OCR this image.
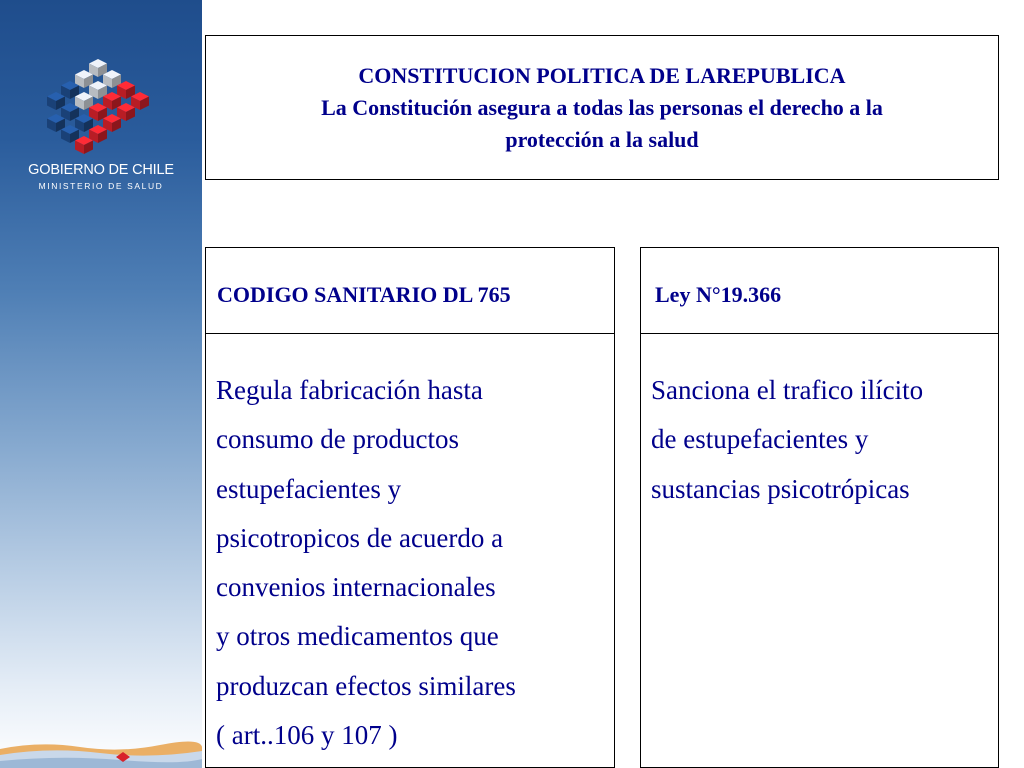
GOBIERNO DE CHILE
MINISTERIO DE SALUD
CONSTITUCION POLITICA DE LAREPUBLICA
La Constitución asegura a todas las personas el derecho a la
protección a la salud
CODIGO SANITARIO DL 765
Regula fabricación hasta
consumo de productos
estupefacientes y
psicotropicos de acuerdo a
convenios internacionales
y otros medicamentos que
produzcan efectos similares
( art..106 y 107 )
Ley N°19.366
Sanciona el trafico ilícito
de estupefacientes y
sustancias psicotrópicas
